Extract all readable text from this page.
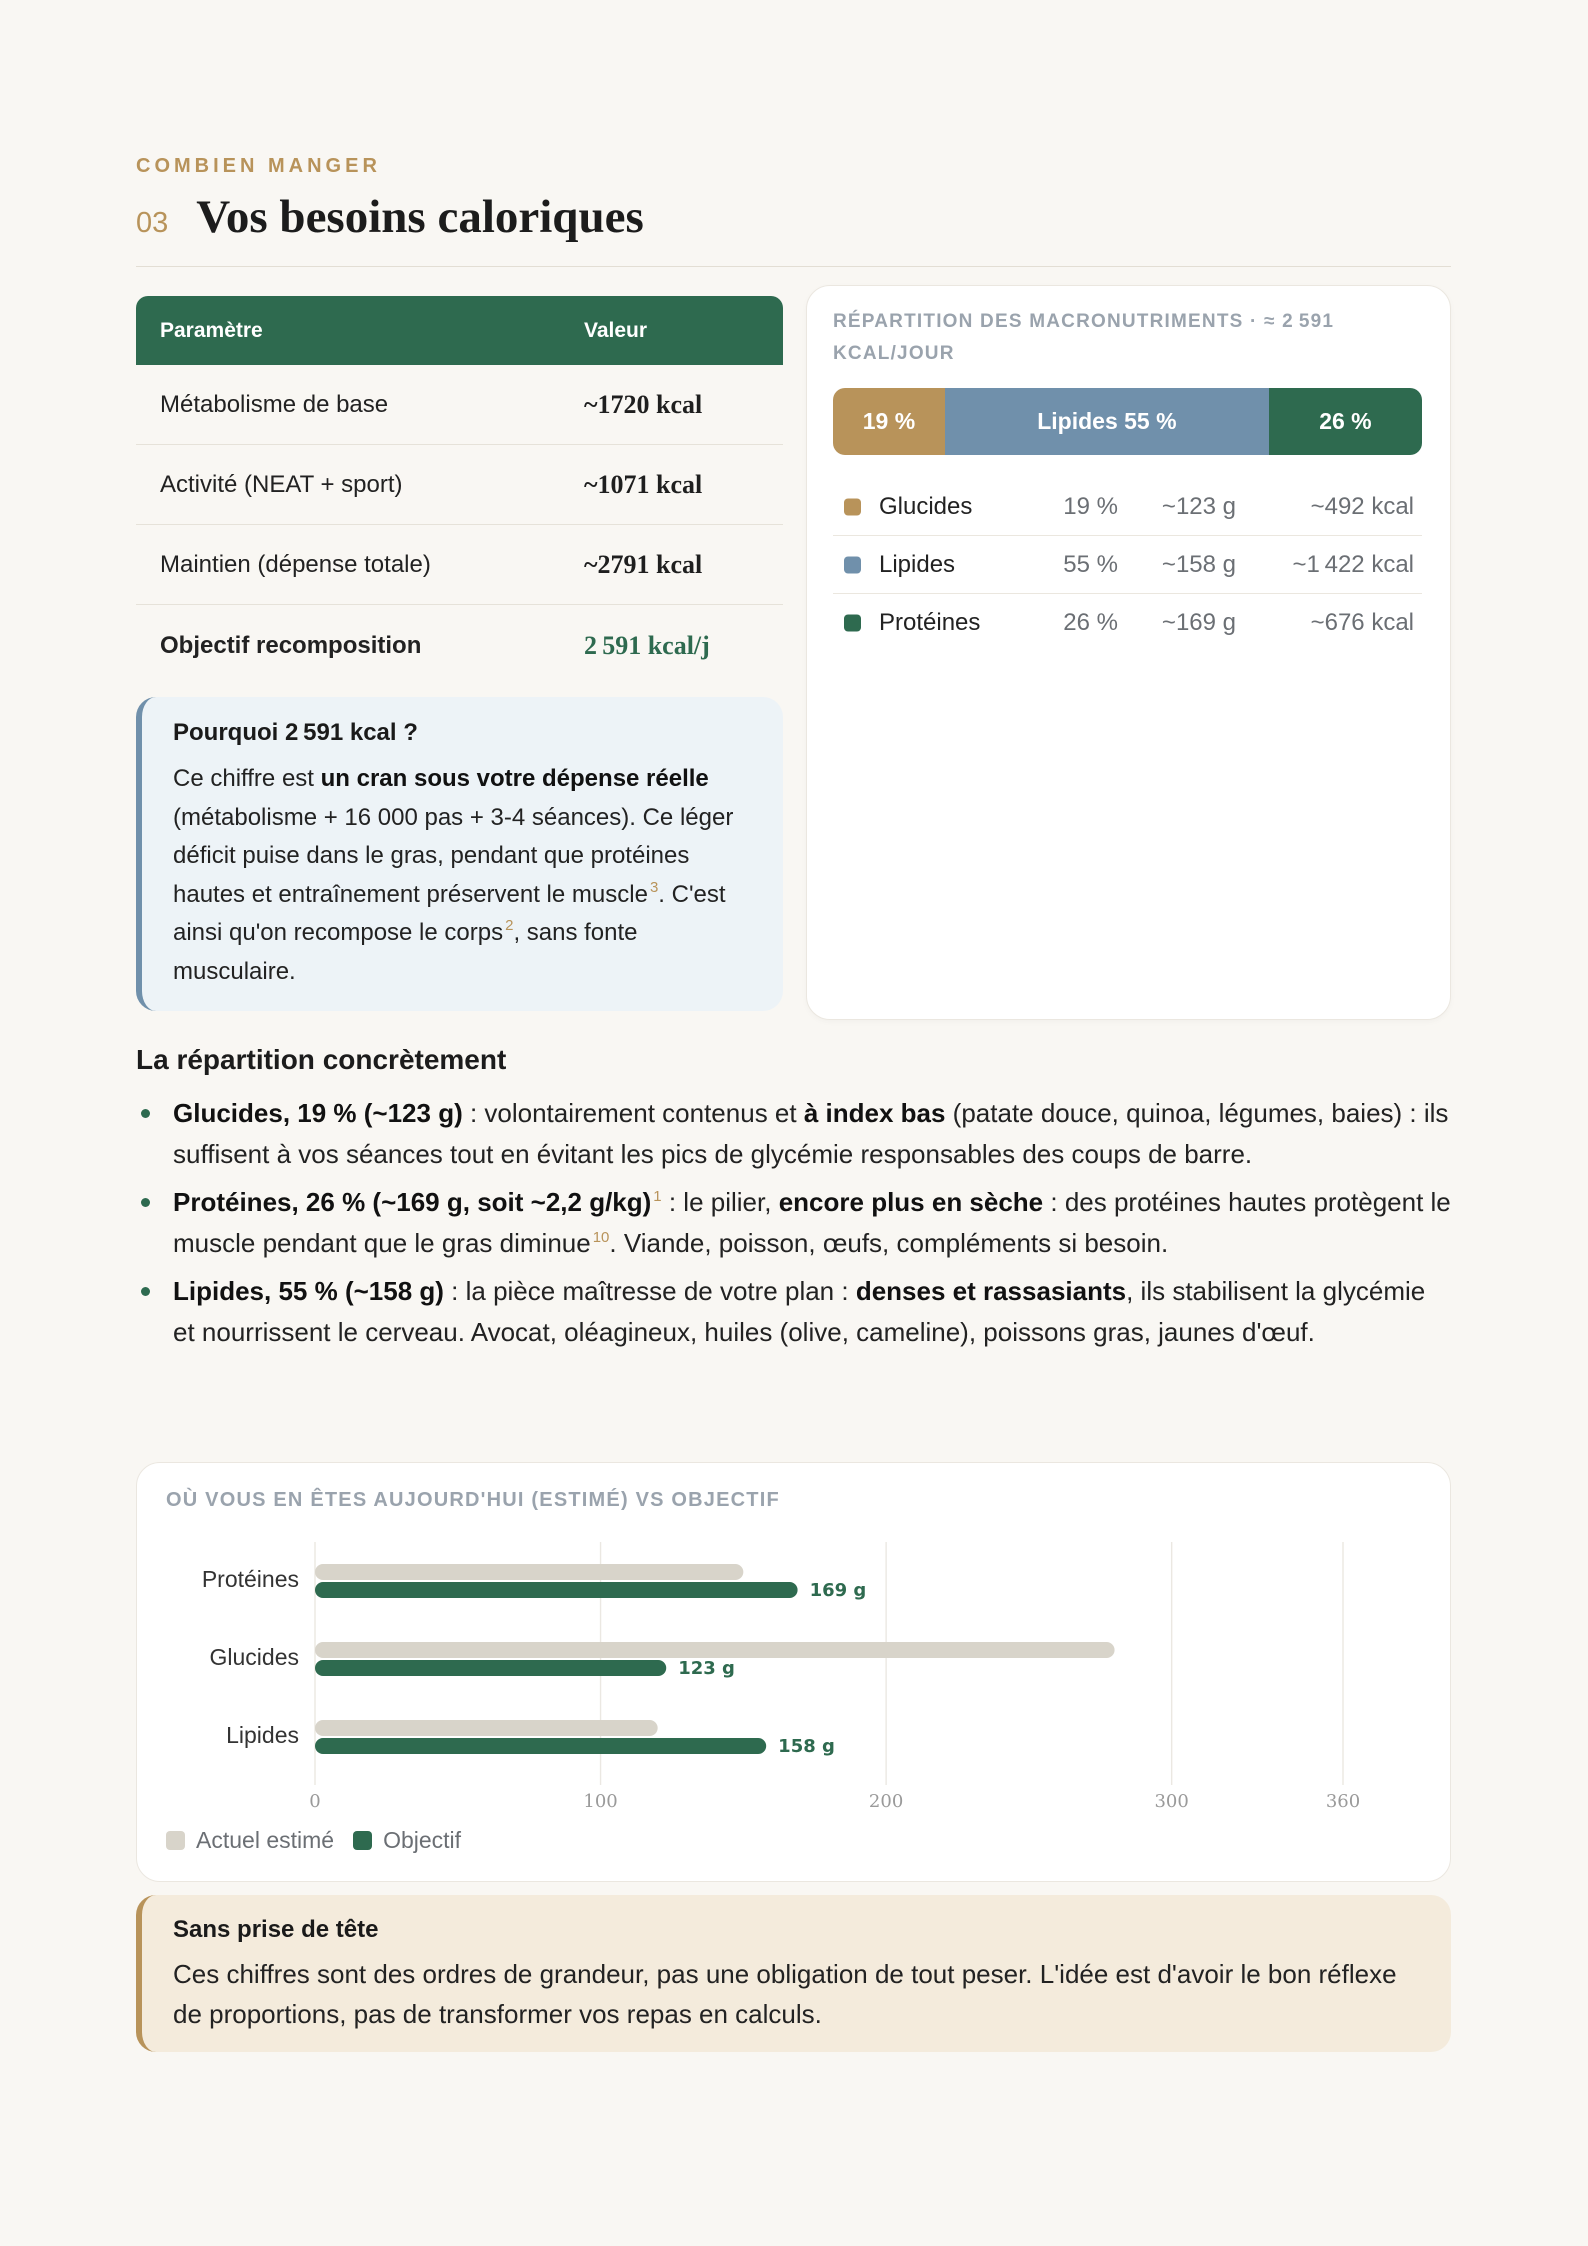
COMBIEN MANGER
03 Vos besoins caloriques
Paramètre	Valeur
Métabolisme de base	~1720 kcal
Activité (NEAT + sport)	~1071 kcal
Maintien (dépense totale)	~2791 kcal
Objectif recomposition	2 591 kcal/j
Pourquoi 2 591 kcal ?

Ce chiffre est un cran sous votre dépense réelle (métabolisme + 16 000 pas + 3-4 séances). Ce léger déficit puise dans le gras, pendant que protéines hautes et entraînement préservent le muscle $^3$. C'est ainsi qu'on recompose le corps $^2$, sans fonte musculaire.

RÉPARTITION DES MACRONUTRIMENTS · ≈ 2 591 KCAL/JOUR
19 %	Lipides 55 %	26 %
Glucides	19 % ~123 g	~492 kcal
Lipides	55 % ~158 g ~1 422 kcal
Protéines	26 % ~169 g	~676 kcal
La répartition concrètement
Glucides, 19 % (~123 g) : volontairement contenus et à index bas (patate douce, quinoa, légumes, baies) : ils suffisent à vos séances tout en évitant les pics de glycémie responsables des coups de barre.
Protéines, 26 % (~169 g, soit ~2,2 g/kg) $^1$ : le pilier, encore plus en sèche : des protéines hautes protègent le muscle pendant que le gras diminue $^{10}$. Viande, poisson, œufs, compléments si besoin.
Lipides, 55 % (~158 g) : la pièce maîtresse de votre plan : denses et rassasiants, ils stabilisent la glycémie et nourrissent le cerveau. Avocat, oléagineux, huiles (olive, cameline), poissons gras, jaunes d'œuf.
0	100	200	300	360
Protéines	169 g
Glucides	123 g
Lipides	158 g
OÙ VOUS EN ÊTES AUJOURD'HUI (ESTIMÉ) VS OBJECTIF
Actuel estimé Objectif
Sans prise de tête

Ces chiffres sont des ordres de grandeur, pas une obligation de tout peser. L'idée est d'avoir le bon réflexe de proportions, pas de transformer vos repas en calculs.
